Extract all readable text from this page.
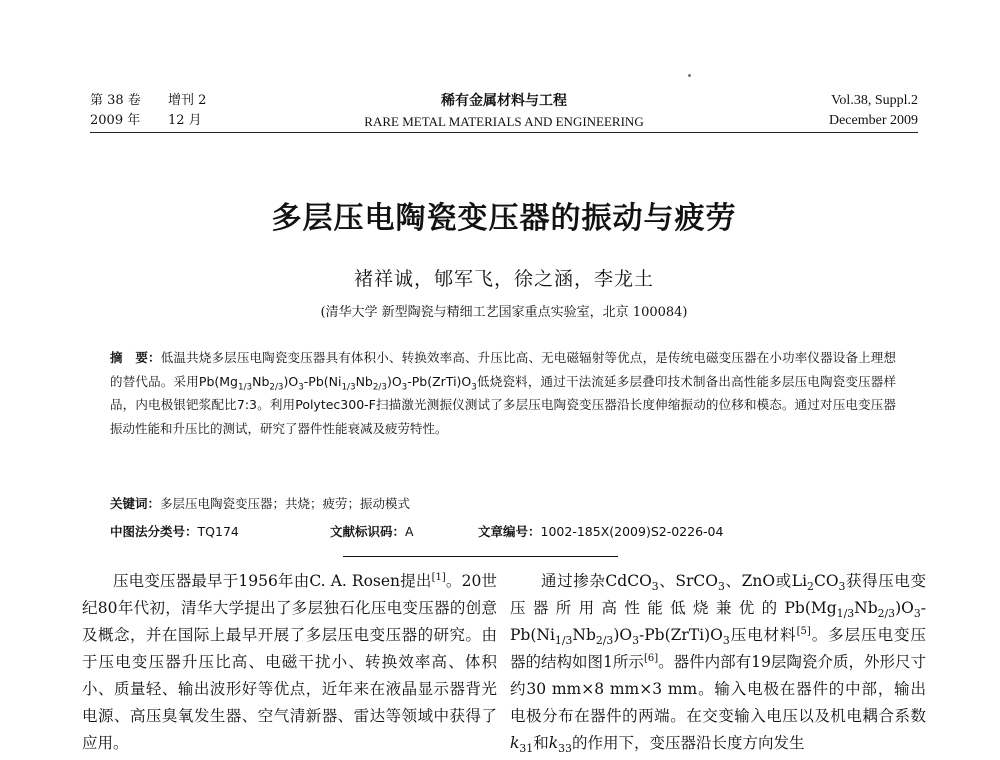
第 38 卷 增刊 2
2009 年 12 月
稀有金属材料与工程
RARE METAL MATERIALS AND ENGINEERING
Vol.38, Suppl.2
December 2009
多层压电陶瓷变压器的振动与疲劳
褚祥诚，郇军飞，徐之涵，李龙土
(清华大学 新型陶瓷与精细工艺国家重点实验室，北京 100084)
摘　要：低温共烧多层压电陶瓷变压器具有体积小、转换效率高、升压比高、无电磁辐射等优点，是传统电磁变压器在小功率仪器设备上理想的替代品。采用$Pb(Mg_{1/3}Nb_{2/3})O_3-Pb(Ni_{1/3}Nb_{2/3})O_3-Pb(ZrTi)O_3$低烧瓷料，通过干法流延多层叠印技术制备出高性能多层压电陶瓷变压器样品，内电极银钯浆配比7:3。利用Polytec300-F扫描激光测振仪测试了多层压电陶瓷变压器沿长度伸缩振动的位移和模态。通过对压电变压器振动性能和升压比的测试，研究了器件性能衰减及疲劳特性。
关键词：多层压电陶瓷变压器；共烧；疲劳；振动模式
中图法分类号：TQ174	文献标识码：A	文章编号：1002-185X(2009)S2-0226-04

压电变压器最早于1956年由C. A. Rosen提出[1]。20世纪80年代初，清华大学提出了多层独石化压电变压器的创意及概念，并在国际上最早开展了多层压电变压器的研究。由于压电变压器升压比高、电磁干扰小、转换效率高、体积小、质量轻、输出波形好等优点，近年来在液晶显示器背光电源、高压臭氧发生器、空气清新器、雷达等领域中获得了应用。

通过掺杂CdCO$_3$、SrCO$_3$、ZnO或$Li_2CO_3$获得压电变压器所用高性能低烧兼优的$Pb(Mg_{1/3}Nb_{2/3})O_3-Pb(Ni_{1/3}Nb_{2/3})O_3-Pb(ZrTi)O_3$压电材料[5]。多层压电变压器的结构如图1所示[6]。器件内部有19层陶瓷介质，外形尺寸约30 mm×8 mm×3 mm。输入电极在器件的中部，输出电极分布在器件的两端。在交变输入电压以及机电耦合系数$k_{31}$和$k_{33}$的作用下，变压器沿长度方向发生
